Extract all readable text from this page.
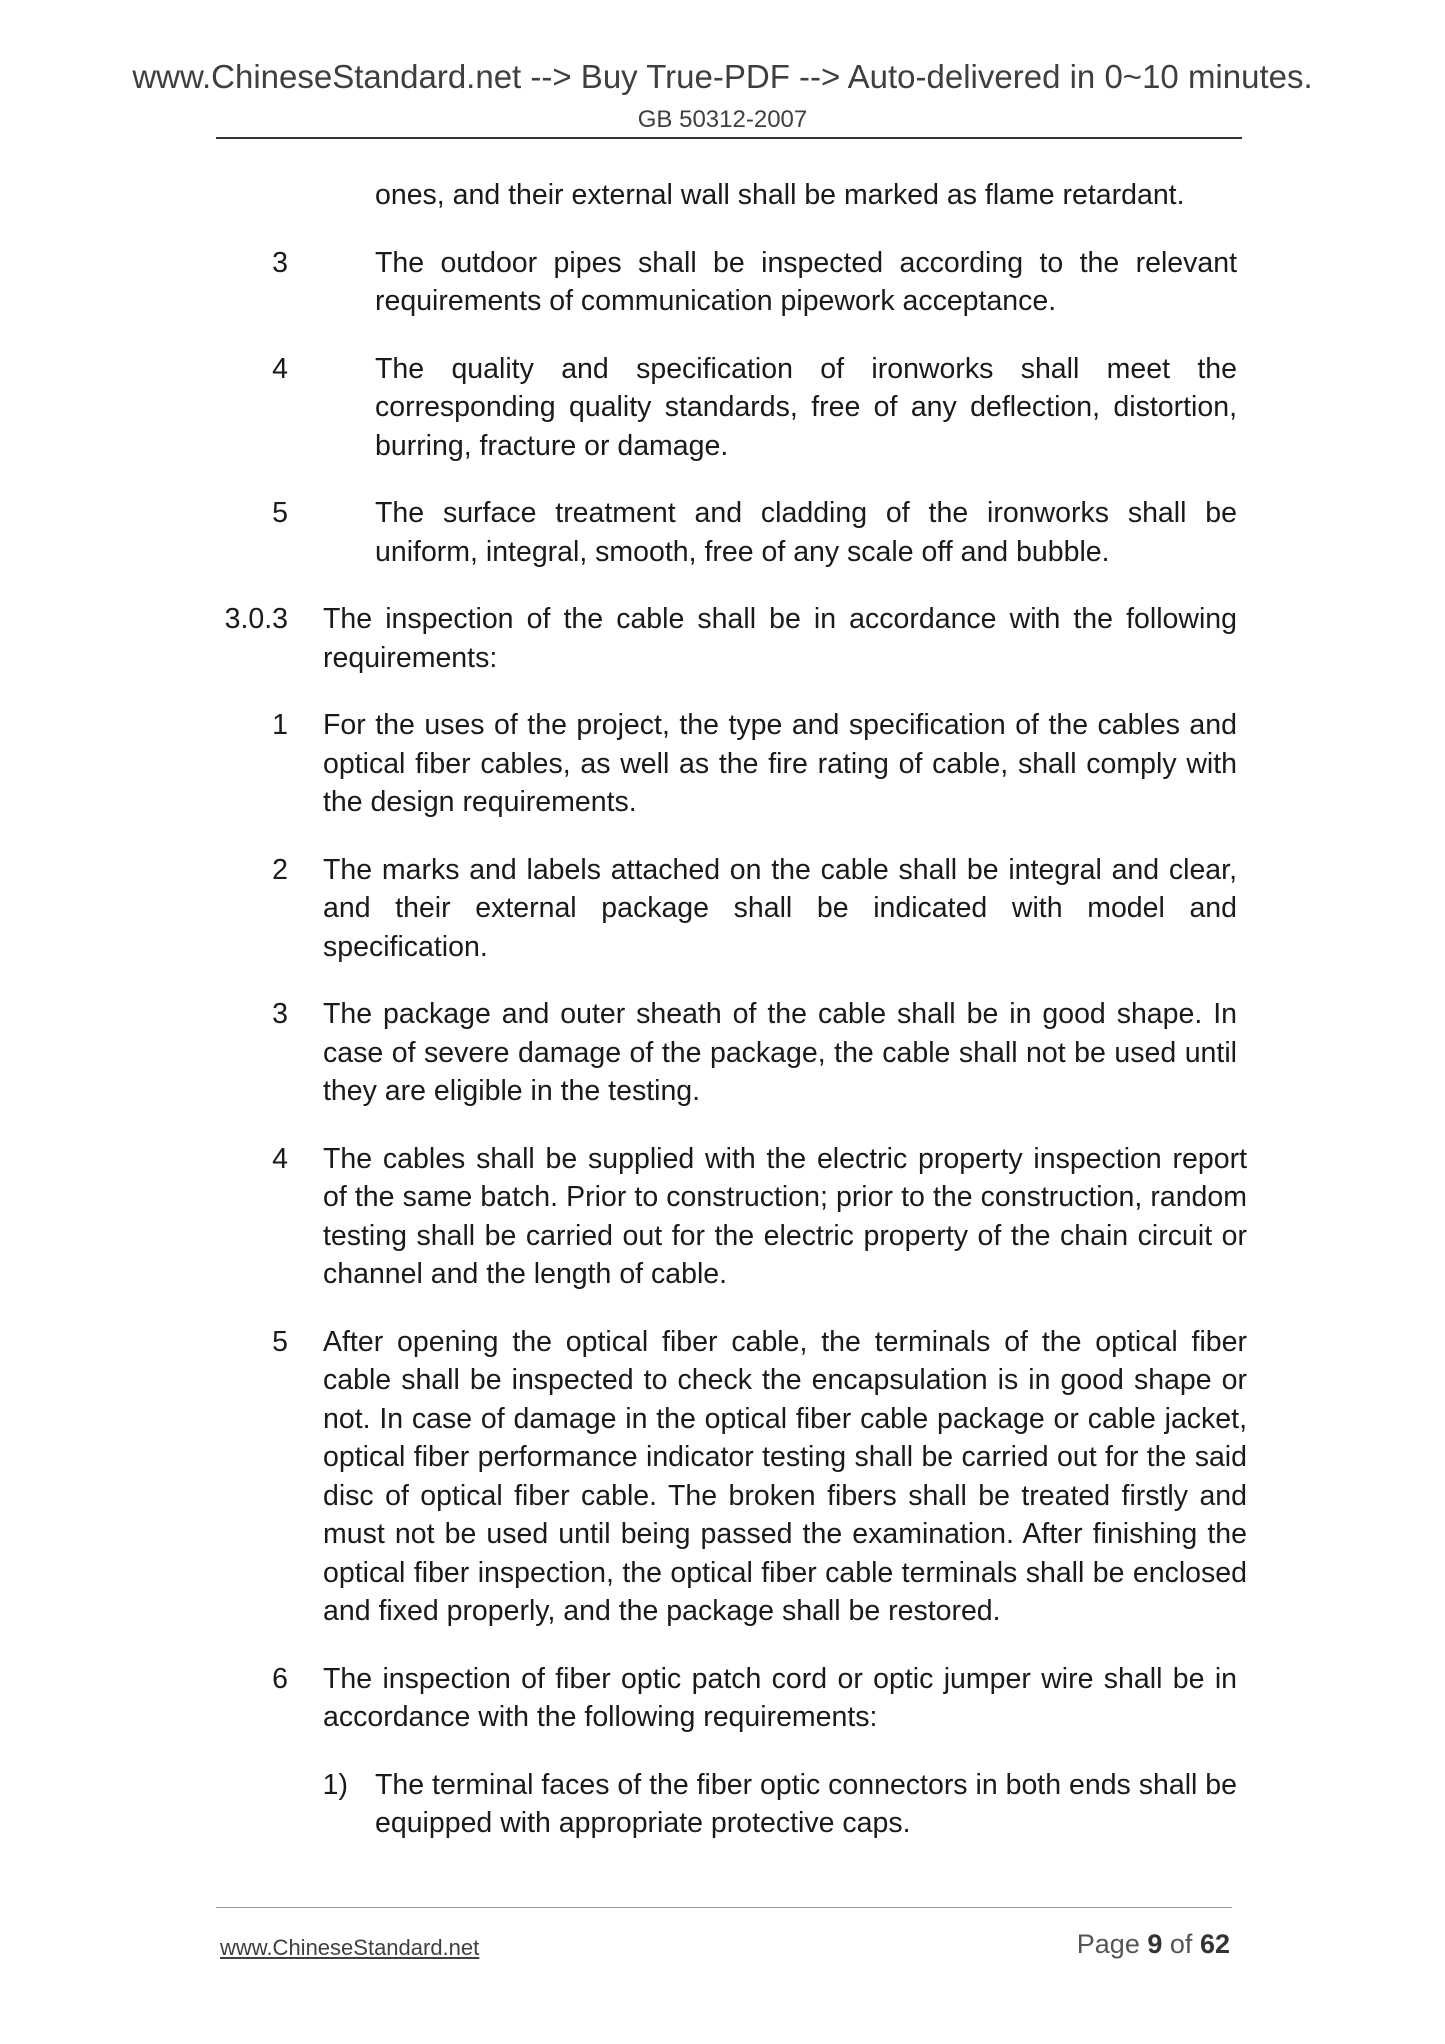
www.ChineseStandard.net --> Buy True-PDF --> Auto-delivered in 0~10 minutes.
GB 50312-2007
ones, and their external wall shall be marked as flame retardant.
3	The outdoor pipes shall be inspected according to the relevant requirements of communication pipework acceptance.
4	The quality and specification of ironworks shall meet the corresponding quality standards, free of any deflection, distortion, burring, fracture or damage.
5	The surface treatment and cladding of the ironworks shall be uniform, integral, smooth, free of any scale off and bubble.
3.0.3 The inspection of the cable shall be in accordance with the following requirements:
1 For the uses of the project, the type and specification of the cables and optical fiber cables, as well as the fire rating of cable, shall comply with the design requirements.
2 The marks and labels attached on the cable shall be integral and clear, and their external package shall be indicated with model and specification.
3 The package and outer sheath of the cable shall be in good shape. In case of severe damage of the package, the cable shall not be used until they are eligible in the testing.
4 The cables shall be supplied with the electric property inspection report of the same batch. Prior to construction; prior to the construction, random testing shall be carried out for the electric property of the chain circuit or channel and the length of cable.
5 After opening the optical fiber cable, the terminals of the optical fiber cable shall be inspected to check the encapsulation is in good shape or not. In case of damage in the optical fiber cable package or cable jacket, optical fiber performance indicator testing shall be carried out for the said disc of optical fiber cable. The broken fibers shall be treated firstly and must not be used until being passed the examination. After finishing the optical fiber inspection, the optical fiber cable terminals shall be enclosed and fixed properly, and the package shall be restored.
6 The inspection of fiber optic patch cord or optic jumper wire shall be in accordance with the following requirements:
1) The terminal faces of the fiber optic connectors in both ends shall be equipped with appropriate protective caps.
www.ChineseStandard.net	Page 9 of 62
